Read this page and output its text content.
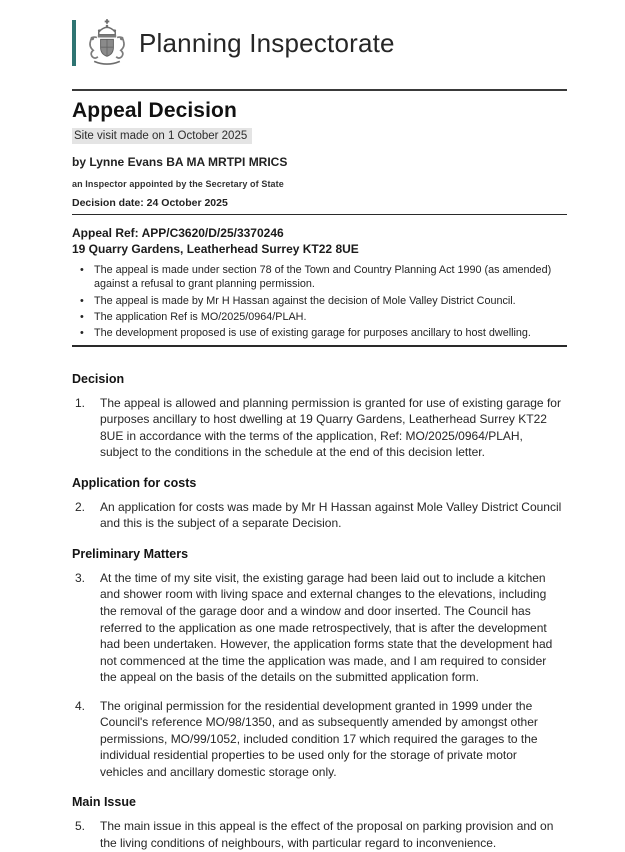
Planning Inspectorate
Appeal Decision
Site visit made on 1 October 2025
by Lynne Evans BA MA MRTPI MRICS
an Inspector appointed by the Secretary of State
Decision date: 24 October 2025
Appeal Ref: APP/C3620/D/25/3370246
19 Quarry Gardens, Leatherhead Surrey KT22 8UE
•
The appeal is made under section 78 of the Town and Country Planning Act 1990 (as amended) against a refusal to grant planning permission.
•
The appeal is made by Mr H Hassan against the decision of Mole Valley District Council.
•
The application Ref is MO/2025/0964/PLAH.
•
The development proposed is use of existing garage for purposes ancillary to host dwelling.
Decision
1.	The appeal is allowed and planning permission is granted for use of existing garage for purposes ancillary to host dwelling at 19 Quarry Gardens, Leatherhead Surrey KT22 8UE in accordance with the terms of the application, Ref: MO/2025/0964/PLAH, subject to the conditions in the schedule at the end of this decision letter.
Application for costs
2.	An application for costs was made by Mr H Hassan against Mole Valley District Council and this is the subject of a separate Decision.
Preliminary Matters
3.	At the time of my site visit, the existing garage had been laid out to include a kitchen and shower room with living space and external changes to the elevations, including the removal of the garage door and a window and door inserted. The Council has referred to the application as one made retrospectively, that is after the development had been undertaken. However, the application forms state that the development had not commenced at the time the application was made, and I am required to consider the appeal on the basis of the details on the submitted application form.
4.	The original permission for the residential development granted in 1999 under the Council's reference MO/98/1350, and as subsequently amended by amongst other permissions, MO/99/1052, included condition 17 which required the garages to the individual residential properties to be used only for the storage of private motor vehicles and ancillary domestic storage only.
Main Issue
5.	The main issue in this appeal is the effect of the proposal on parking provision and on the living conditions of neighbours, with particular regard to inconvenience.
